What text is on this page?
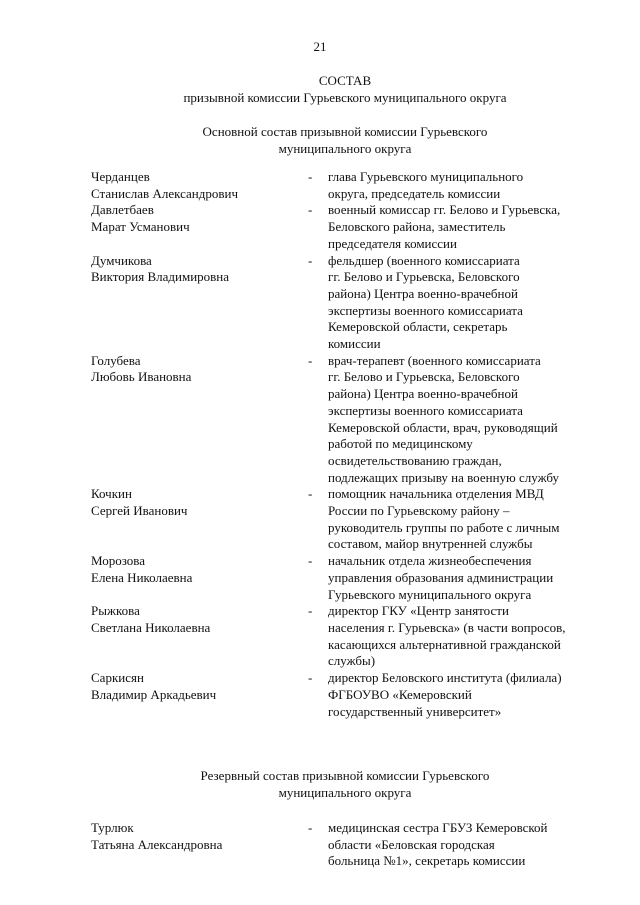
21
СОСТАВ
призывной комиссии Гурьевского муниципального округа
Основной состав призывной комиссии Гурьевского
муниципального округа
Черданцев
Станислав Александрович
-	глава Гурьевского муниципального
округа, председатель комиссии
Давлетбаев
Марат Усманович
-	военный комиссар гг. Белово и Гурьевска,
Беловского района, заместитель
председателя комиссии
Думчикова
Виктория Владимировна
-	фельдшер (военного комиссариата
гг. Белово и Гурьевска, Беловского
района) Центра военно-врачебной
экспертизы военного комиссариата
Кемеровской области, секретарь
комиссии
Голубева
Любовь Ивановна
-	врач-терапевт (военного комиссариата
гг. Белово и Гурьевска, Беловского
района) Центра военно-врачебной
экспертизы военного комиссариата
Кемеровской области, врач, руководящий
работой по медицинскому
освидетельствованию граждан,
подлежащих призыву на военную службу
Кочкин
Сергей Иванович
-	помощник начальника отделения МВД
России по Гурьевскому району –
руководитель группы по работе с личным
составом, майор внутренней службы
Морозова
Елена Николаевна
-	начальник отдела жизнеобеспечения
управления образования администрации
Гурьевского муниципального округа
Рыжкова
Светлана Николаевна
-	директор ГКУ «Центр занятости
населения г. Гурьевска» (в части вопросов,
касающихся альтернативной гражданской
службы)
Саркисян
Владимир Аркадьевич
-	директор Беловского института (филиала)
ФГБОУВО «Кемеровский
государственный университет»
Резервный состав призывной комиссии Гурьевского
муниципального округа
Турлюк
Татьяна Александровна
-	медицинская сестра ГБУЗ Кемеровской
области «Беловская городская
больница №1», секретарь комиссии
